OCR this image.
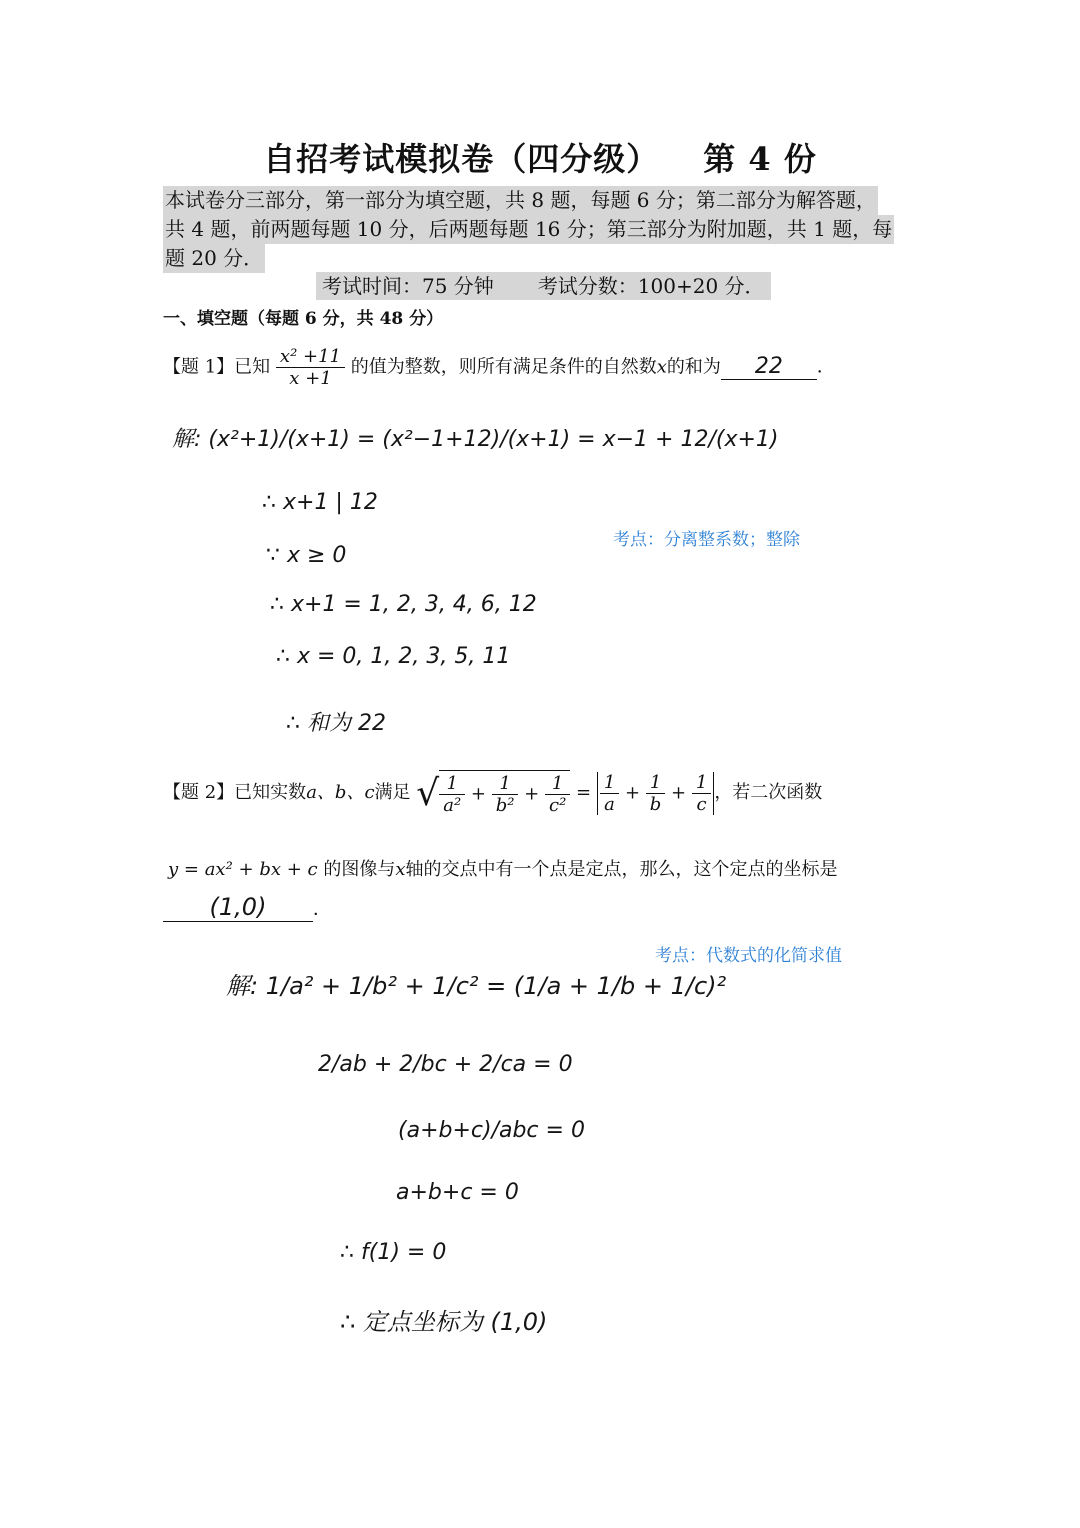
自招考试模拟卷（四分级） 第 4 份
本试卷分三部分，第一部分为填空题，共 8 题，每题 6 分；第二部分为解答题，
共 4 题，前两题每题 10 分，后两题每题 16 分；第三部分为附加题，共 1 题，每
题 20 分．
考试时间：75 分钟 考试分数：100+20 分．
一、填空题（每题 6 分，共 48 分）
【题 1】已知 $\frac{\text{x² +11}}{x +1}$ 的值为整数，则所有满足条件的自然数x的和为 22 ．
解: (x²+1)/(x+1) = (x²−1+12)/(x+1) = x−1 + 12/(x+1)
∴ x+1 | 12
∵ x ≥ 0
∴ x+1 = 1, 2, 3, 4, 6, 12
∴ x = 0, 1, 2, 3, 5, 11
∴ 和为 22
考点：分离整系数；整除
【题 2】已知实数a、b、c满足 √ $\frac{1}{\text{a²}} + \frac{1}{\text{b²}} + \frac{1}{\text{c²}} = \frac{1}{a} + \frac{1}{b} + \frac{1}{c}$ ，若二次函数
y = ax² + bx + c 的图像与x轴的交点中有一个点是定点，那么，这个定点的坐标是
(1,0)	．
考点：代数式的化简求值
解: 1/a² + 1/b² + 1/c² = (1/a + 1/b + 1/c)²
2/ab + 2/bc + 2/ca = 0
(a+b+c)/abc = 0
a+b+c = 0
∴ f(1) = 0
∴ 定点坐标为 (1,0)
